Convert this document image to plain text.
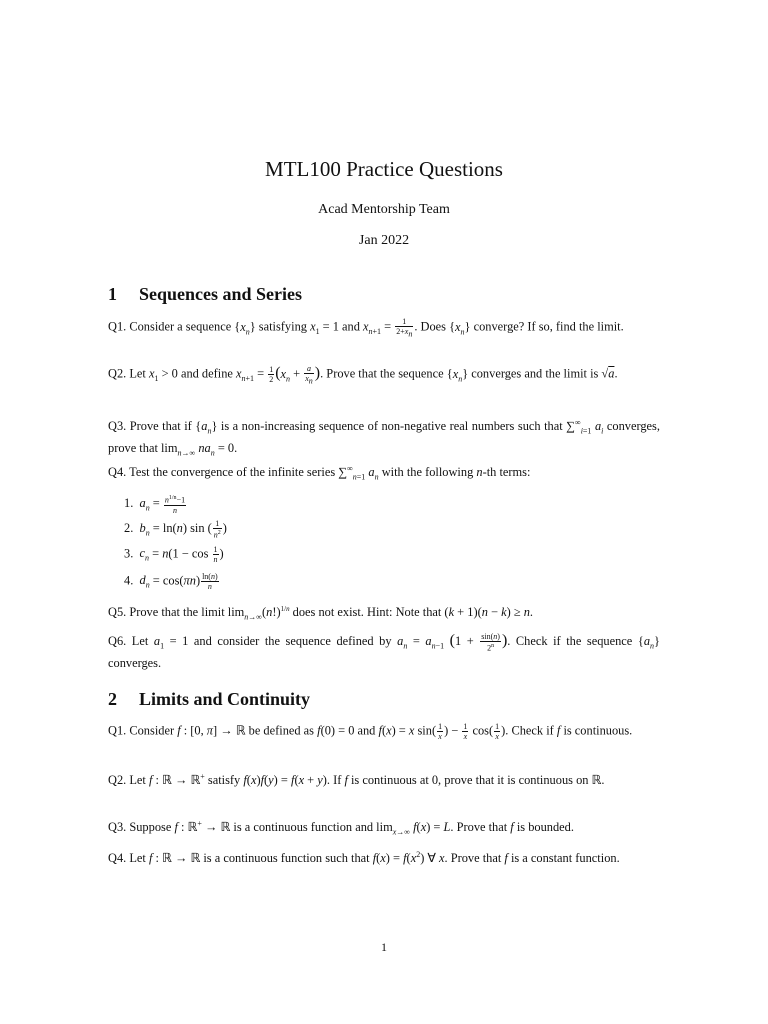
MTL100 Practice Questions
Acad Mentorship Team
Jan 2022
1 Sequences and Series
Q1. Consider a sequence $\{x_n\}$ satisfying $x_1 = 1$ and $x_{n+1} = \frac{1}{2+x_n}$ . Does $\{x_n\}$ converge? If so, find the limit.
Q2. Let $x_1 > 0$ and define $x_{n+1} = \frac{1}{2} (x_n + \frac{a}{x_n}$ ). Prove that the sequence $\{x_n\}$ converges and the limit is √a.
Q3. Prove that if $\{a_n\}$ is a non-increasing sequence of non-negative real numbers such that $\sum^\infty_{i=1}$ $a_i$ converges, prove that $\lim_{n\to\infty} na_n = 0$.
Q4. Test the convergence of the infinite series $\sum^\infty_{n=1}$ $a_n$ with the following n-th terms:
1. $a_n = \frac{n^{1/n}-1}{n}$
2. $b_n = \ln(n)$ sin ( $\frac{1}{n^2}$ )
3. $c_n = n(1 - \cos \frac{1}{n}$ )
4. $d_n = \cos(\pi n) \frac{\ln(n)}{n}$
Q5. Prove that the limit $\lim_{n\to\infty}(n!)^{1/n}$ does not exist. Hint: Note that (k + 1)(n − k) ≥ n.
Q6. Let $a_1 = 1$ and consider the sequence defined by $a_n = a_{n-1}$ ($1 + \frac{\sin(n)}{2^n}$ ). Check if the sequence $\{a_n\}$ converges.
2 Limits and Continuity
Q1. Consider f : [0, π] → ℝ be defined as f(0) = 0 and f(x) = x $\sin( \frac{1}{x}$ ) − $\frac{1}{x} \cos( \frac{1}{x}$ ). Check if f is continuous.
Q2. Let f : ℝ → ℝ+ satisfy f(x)f(y) = f(x + y). If f is continuous at 0, prove that it is continuous on ℝ.
Q3. Suppose f : ℝ+ → ℝ is a continuous function and $\lim_{x\to\infty} f(x) = L$. Prove that f is bounded.
Q4. Let f : ℝ → ℝ is a continuous function such that $f(x) = f(x^2)$ ∀ x. Prove that f is a constant function.
1
